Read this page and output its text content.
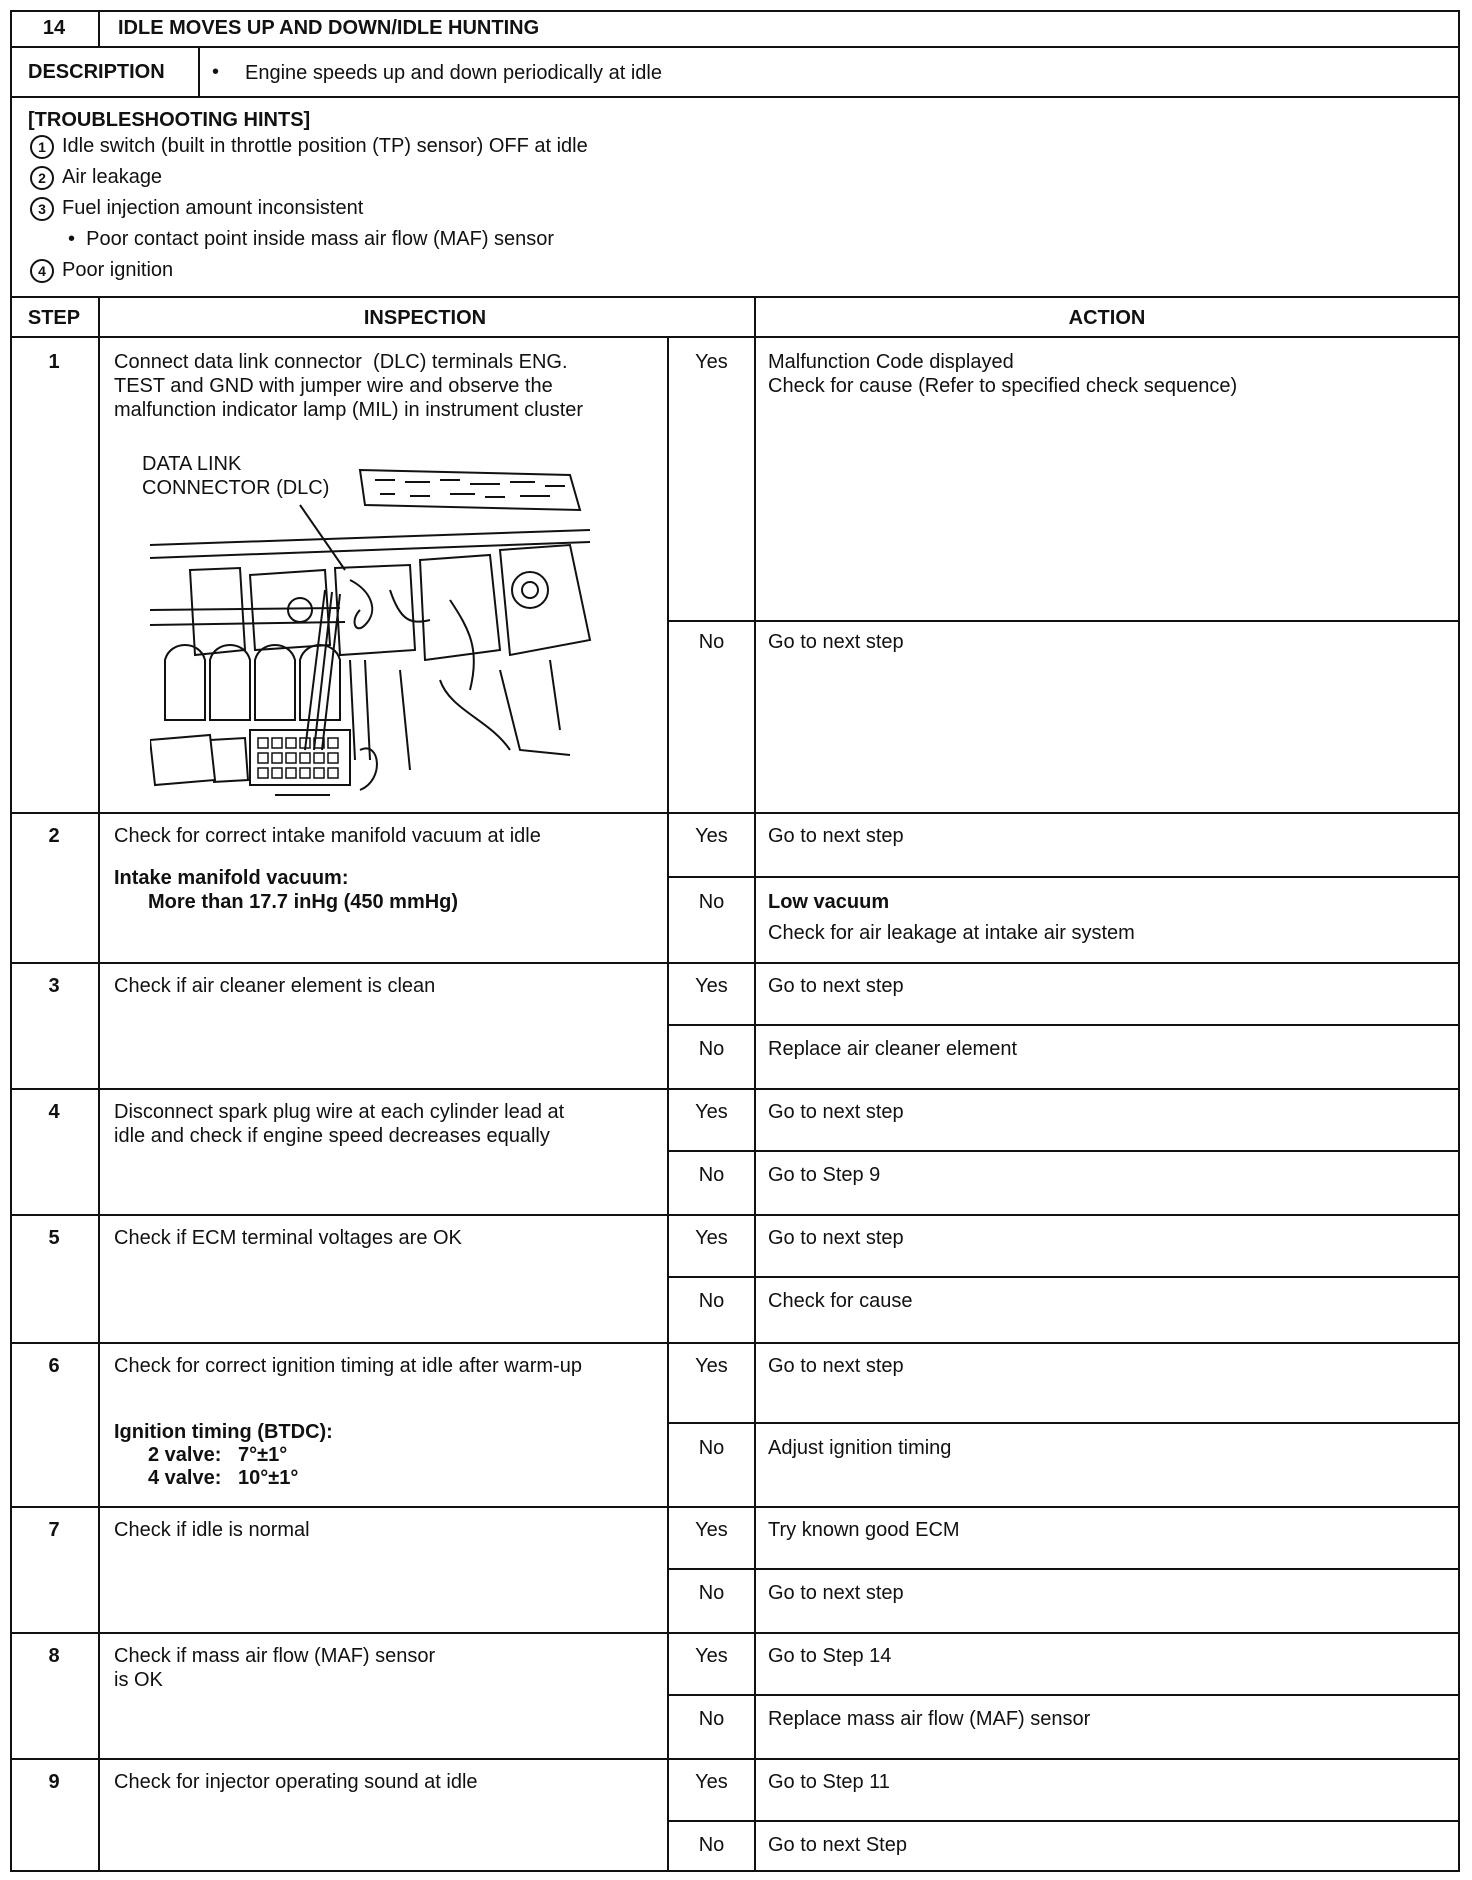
14	IDLE MOVES UP AND DOWN/IDLE HUNTING
DESCRIPTION • Engine speeds up and down periodically at idle
[TROUBLESHOOTING HINTS]
1 Idle switch (built in throttle position (TP) sensor) OFF at idle
2 Air leakage
3 Fuel injection amount inconsistent
•  Poor contact point inside mass air flow (MAF) sensor
4 Poor ignition
STEP	INSPECTION	ACTION
1	Connect data link connector  (DLC) terminals ENG.
TEST and GND with jumper wire and observe the
malfunction indicator lamp (MIL) in instrument cluster
Yes	Malfunction Code displayed
Check for cause (Refer to specified check sequence)
No	Go to next step
DATA LINK
CONNECTOR (DLC)
2	Check for correct intake manifold vacuum at idle
Intake manifold vacuum:
More than 17.7 inHg (450 mmHg)
Yes	Go to next step
No	Low vacuum
Check for air leakage at intake air system
3	Check if air cleaner element is clean	Yes	Go to next step
No	Replace air cleaner element
4	Disconnect spark plug wire at each cylinder lead at
idle and check if engine speed decreases equally
Yes	Go to next step
No	Go to Step 9
5	Check if ECM terminal voltages are OK	Yes	Go to next step
No	Check for cause
6	Check for correct ignition timing at idle after warm-up
Ignition timing (BTDC):
2 valve:   7°±1°
4 valve:   10°±1°
Yes	Go to next step
No	Adjust ignition timing
7	Check if idle is normal	Yes	Try known good ECM
No	Go to next step
8	Check if mass air flow (MAF) sensor
is OK
Yes	Go to Step 14
No	Replace mass air flow (MAF) sensor
9	Check for injector operating sound at idle	Yes	Go to Step 11
No	Go to next Step
